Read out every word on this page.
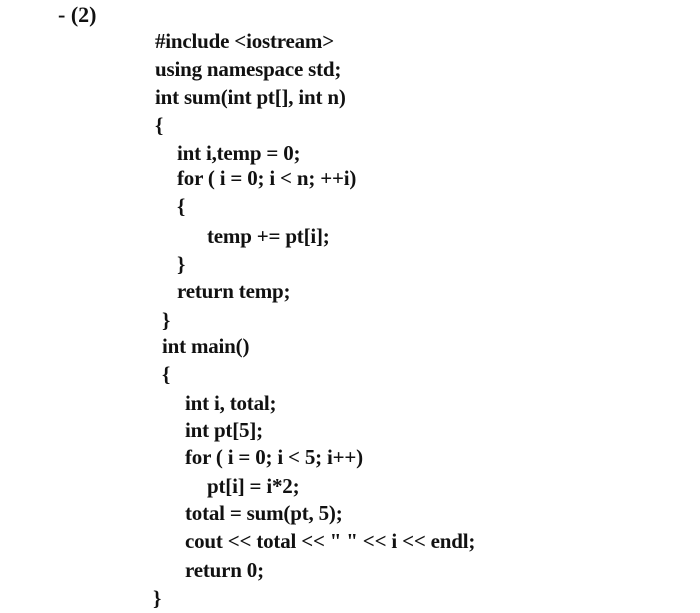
- (2)
#include <iostream>
using namespace std;
int sum(int pt[], int n)
{
int i,temp = 0;
for ( i = 0; i < n; ++i)
{
temp += pt[i];
}
return temp;
}
int main()
{
int i, total;
int pt[5];
for ( i = 0; i < 5; i++)
pt[i] = i*2;
total = sum(pt, 5);
cout << total << " " << i << endl;
return 0;
}
